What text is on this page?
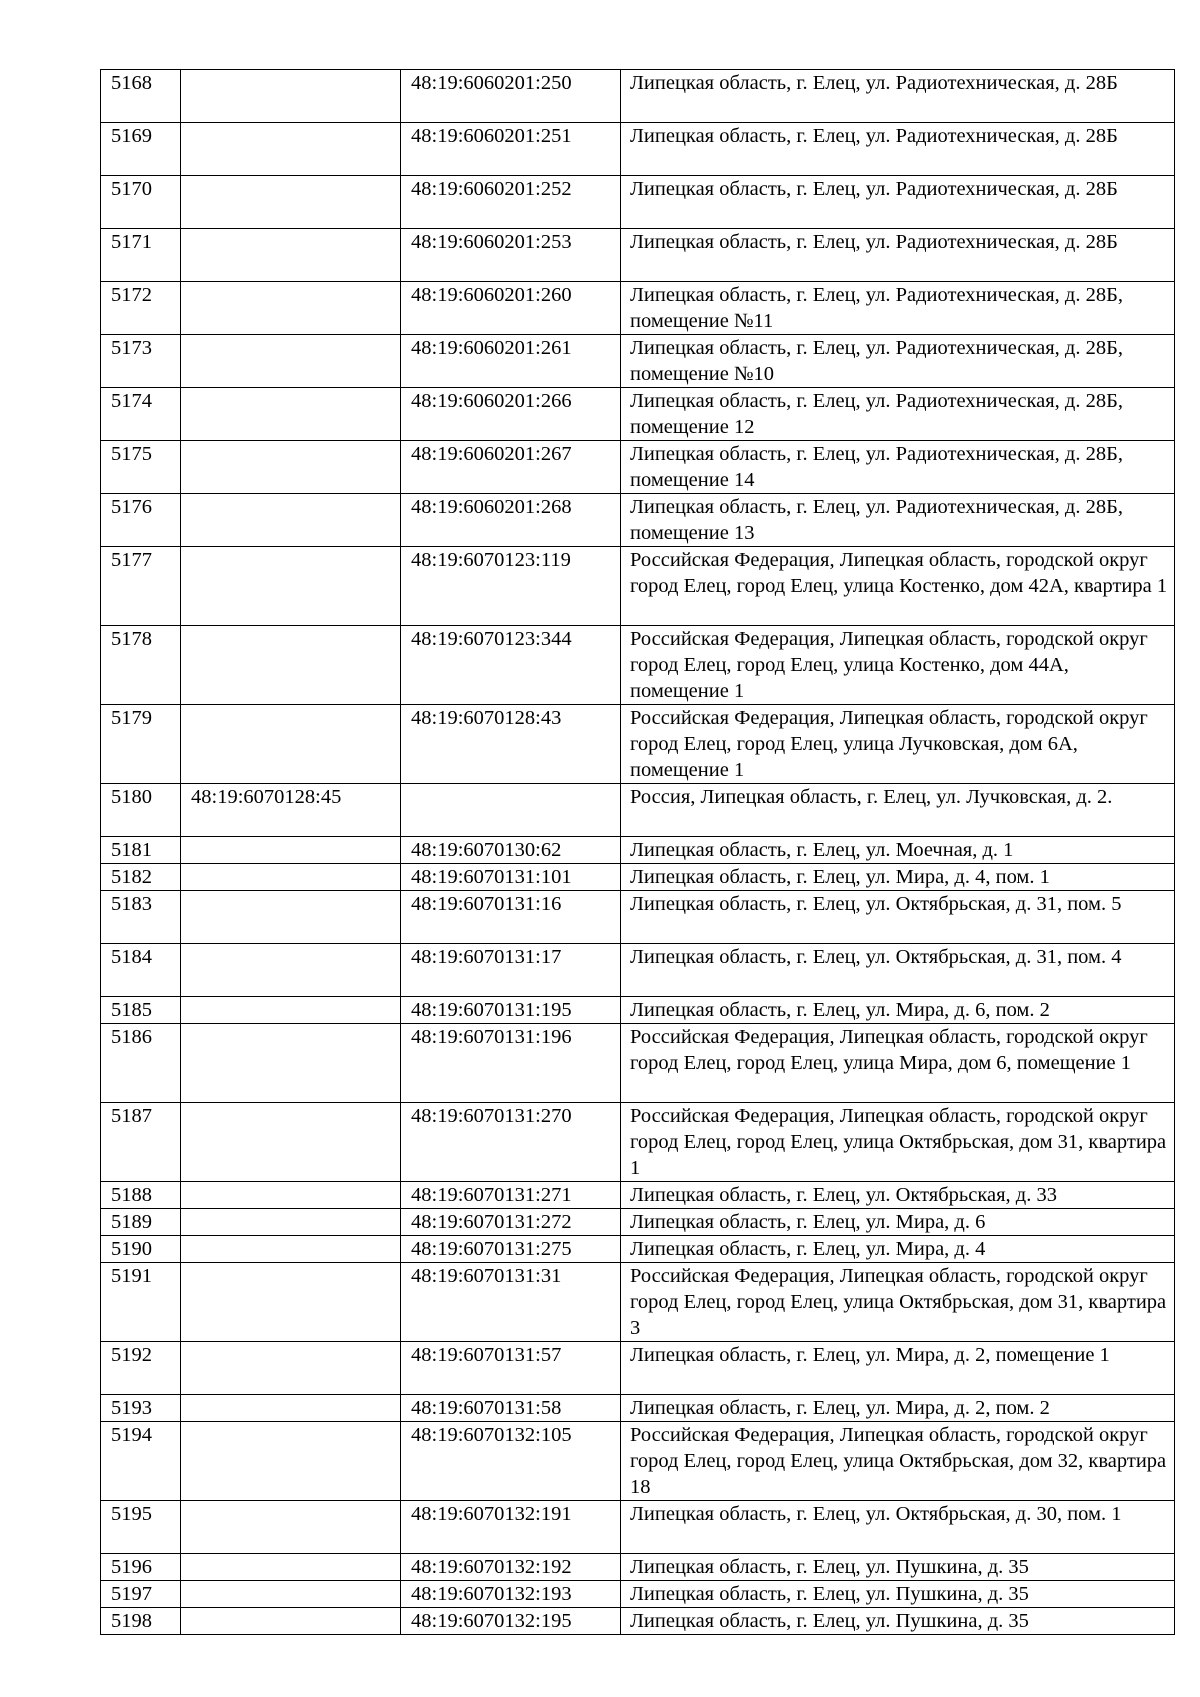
5168		48:19:6060201:250	Липецкая область, г. Елец, ул. Радиотехническая, д. 28Б
5169		48:19:6060201:251	Липецкая область, г. Елец, ул. Радиотехническая, д. 28Б
5170		48:19:6060201:252	Липецкая область, г. Елец, ул. Радиотехническая, д. 28Б
5171		48:19:6060201:253	Липецкая область, г. Елец, ул. Радиотехническая, д. 28Б
5172		48:19:6060201:260	Липецкая область, г. Елец, ул. Радиотехническая, д. 28Б, помещение №11
5173		48:19:6060201:261	Липецкая область, г. Елец, ул. Радиотехническая, д. 28Б, помещение №10
5174		48:19:6060201:266	Липецкая область, г. Елец, ул. Радиотехническая, д. 28Б, помещение 12
5175		48:19:6060201:267	Липецкая область, г. Елец, ул. Радиотехническая, д. 28Б, помещение 14
5176		48:19:6060201:268	Липецкая область, г. Елец, ул. Радиотехническая, д. 28Б, помещение 13
5177		48:19:6070123:119	Российская Федерация, Липецкая область, городской округ город Елец, город Елец, улица Костенко, дом 42А, квартира 1
5178		48:19:6070123:344	Российская Федерация, Липецкая область, городской округ город Елец, город Елец, улица Костенко, дом 44А, помещение 1
5179		48:19:6070128:43	Российская Федерация, Липецкая область, городской округ город Елец, город Елец, улица Лучковская, дом 6А, помещение 1
5180	48:19:6070128:45		Россия, Липецкая область, г. Елец, ул. Лучковская, д. 2.
5181		48:19:6070130:62	Липецкая область, г. Елец, ул. Моечная, д. 1
5182		48:19:6070131:101	Липецкая область, г. Елец, ул. Мира, д. 4, пом. 1
5183		48:19:6070131:16	Липецкая область, г. Елец, ул. Октябрьская, д. 31, пом. 5
5184		48:19:6070131:17	Липецкая область, г. Елец, ул. Октябрьская, д. 31, пом. 4
5185		48:19:6070131:195	Липецкая область, г. Елец, ул. Мира, д. 6, пом. 2
5186		48:19:6070131:196	Российская Федерация, Липецкая область, городской округ город Елец, город Елец, улица Мира, дом 6, помещение 1
5187		48:19:6070131:270	Российская Федерация, Липецкая область, городской округ город Елец, город Елец, улица Октябрьская, дом 31, квартира 1
5188		48:19:6070131:271	Липецкая область, г. Елец, ул. Октябрьская, д. 33
5189		48:19:6070131:272	Липецкая область, г. Елец, ул. Мира, д. 6
5190		48:19:6070131:275	Липецкая область, г. Елец, ул. Мира, д. 4
5191		48:19:6070131:31	Российская Федерация, Липецкая область, городской округ город Елец, город Елец, улица Октябрьская, дом 31, квартира 3
5192		48:19:6070131:57	Липецкая область, г. Елец, ул. Мира, д. 2, помещение 1
5193		48:19:6070131:58	Липецкая область, г. Елец, ул. Мира, д. 2, пом. 2
5194		48:19:6070132:105	Российская Федерация, Липецкая область, городской округ город Елец, город Елец, улица Октябрьская, дом 32, квартира 18
5195		48:19:6070132:191	Липецкая область, г. Елец, ул. Октябрьская, д. 30, пом. 1
5196		48:19:6070132:192	Липецкая область, г. Елец, ул. Пушкина, д. 35
5197		48:19:6070132:193	Липецкая область, г. Елец, ул. Пушкина, д. 35
5198		48:19:6070132:195	Липецкая область, г. Елец, ул. Пушкина, д. 35
